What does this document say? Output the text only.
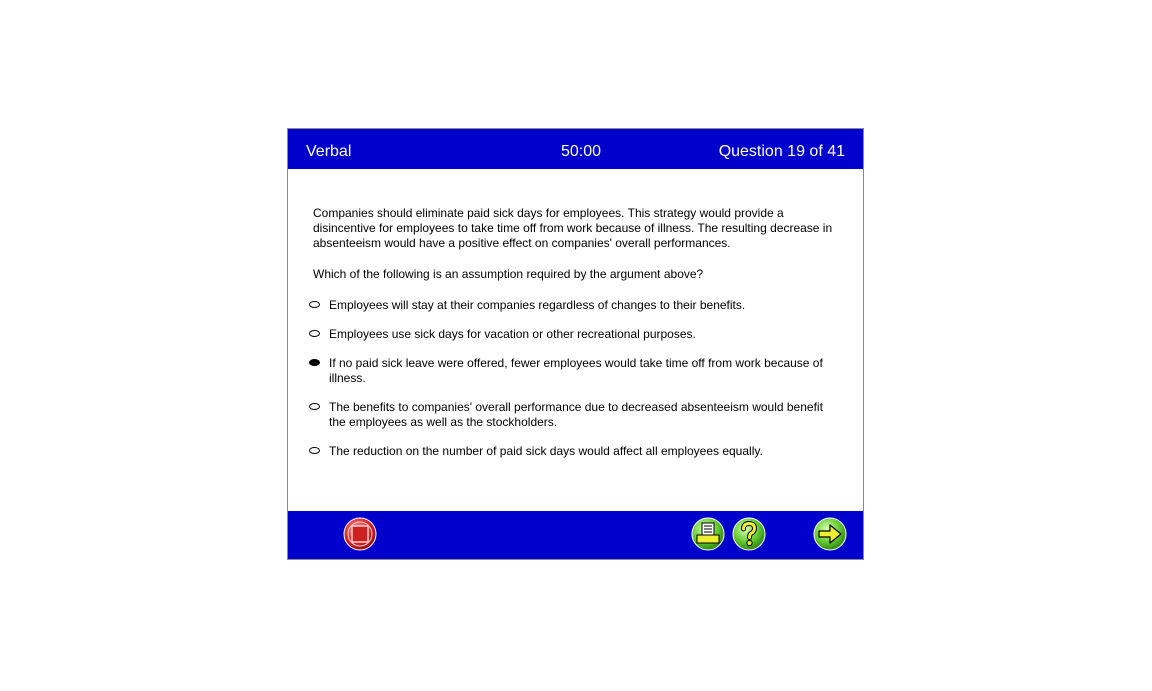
Verbal	50:00	Question 19 of 41
Companies should eliminate paid sick days for employees. This strategy would provide a disincentive for employees to take time off from work because of illness. The resulting decrease in absenteeism would have a positive effect on companies' overall performances.
Which of the following is an assumption required by the argument above?
Employees will stay at their companies regardless of changes to their benefits.
Employees use sick days for vacation or other recreational purposes.
If no paid sick leave were offered, fewer employees would take time off from work because of illness.
The benefits to companies' overall performance due to decreased absenteeism would benefit the employees as well as the stockholders.
The reduction on the number of paid sick days would affect all employees equally.
